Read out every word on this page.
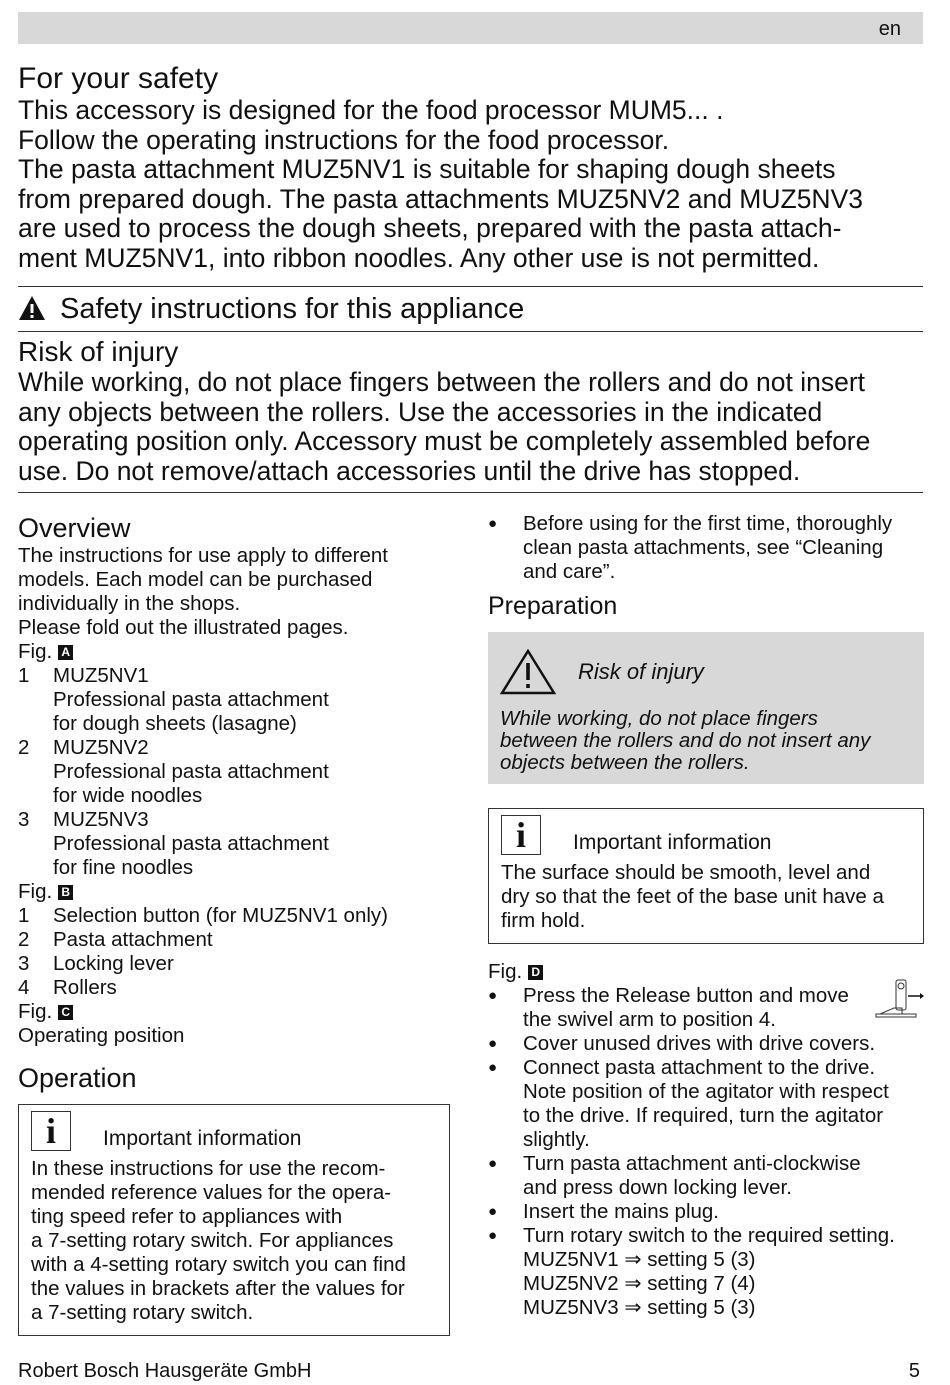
en
For your safety

This accessory is designed for the food processor MUM5... .

Follow the operating instructions for the food processor.

The pasta attachment MUZ5NV1 is suitable for shaping dough sheets

from prepared dough. The pasta attachments MUZ5NV2 and MUZ5NV3

are used to process the dough sheets, prepared with the pasta attach-

ment MUZ5NV1, into ribbon noodles. Any other use is not permitted.

Safety instructions for this appliance
Risk of injury

While working, do not place fingers between the rollers and do not insert

any objects between the rollers. Use the accessories in the indicated

operating position only. Accessory must be completely assembled before

use. Do not remove/attach accessories until the drive has stopped.

Overview

The instructions for use apply to different

models. Each model can be purchased

individually in the shops.

Please fold out the illustrated pages.

Fig. A
1	MUZ5NV1
Professional pasta attachment
for dough sheets (lasagne)
2	MUZ5NV2
Professional pasta attachment
for wide noodles
3	MUZ5NV3
Professional pasta attachment
for fine noodles
Fig. B
1	Selection button (for MUZ5NV1 only)
2	Pasta attachment
3	Locking lever
4	Rollers
Fig. C

Operating position

Operation
i	Important information

In these instructions for use the recom-

mended reference values for the opera-

ting speed refer to appliances with

a 7-setting rotary switch. For appliances

with a 4-setting rotary switch you can find

the values in brackets after the values for

a 7-setting rotary switch.

●	Before using for the first time, thoroughly
clean pasta attachments, see “Cleaning
and care”.
Preparation
Risk of injury
While working, do not place fingers
between the rollers and do not insert any
objects between the rollers.
i	Important information

The surface should be smooth, level and

dry so that the feet of the base unit have a

firm hold.

Fig. D
●	Press the Release button and move
the swivel arm to position 4.
●	Cover unused drives with drive covers.
●	Connect pasta attachment to the drive.
Note position of the agitator with respect
to the drive. If required, turn the agitator
slightly.
●	Turn pasta attachment anti-clockwise
and press down locking lever.
●	Insert the mains plug.
●	Turn rotary switch to the required setting.
MUZ5NV1 ⇒ setting 5 (3)
MUZ5NV2 ⇒ setting 7 (4)
MUZ5NV3 ⇒ setting 5 (3)
Robert Bosch Hausgeräte GmbH	5
